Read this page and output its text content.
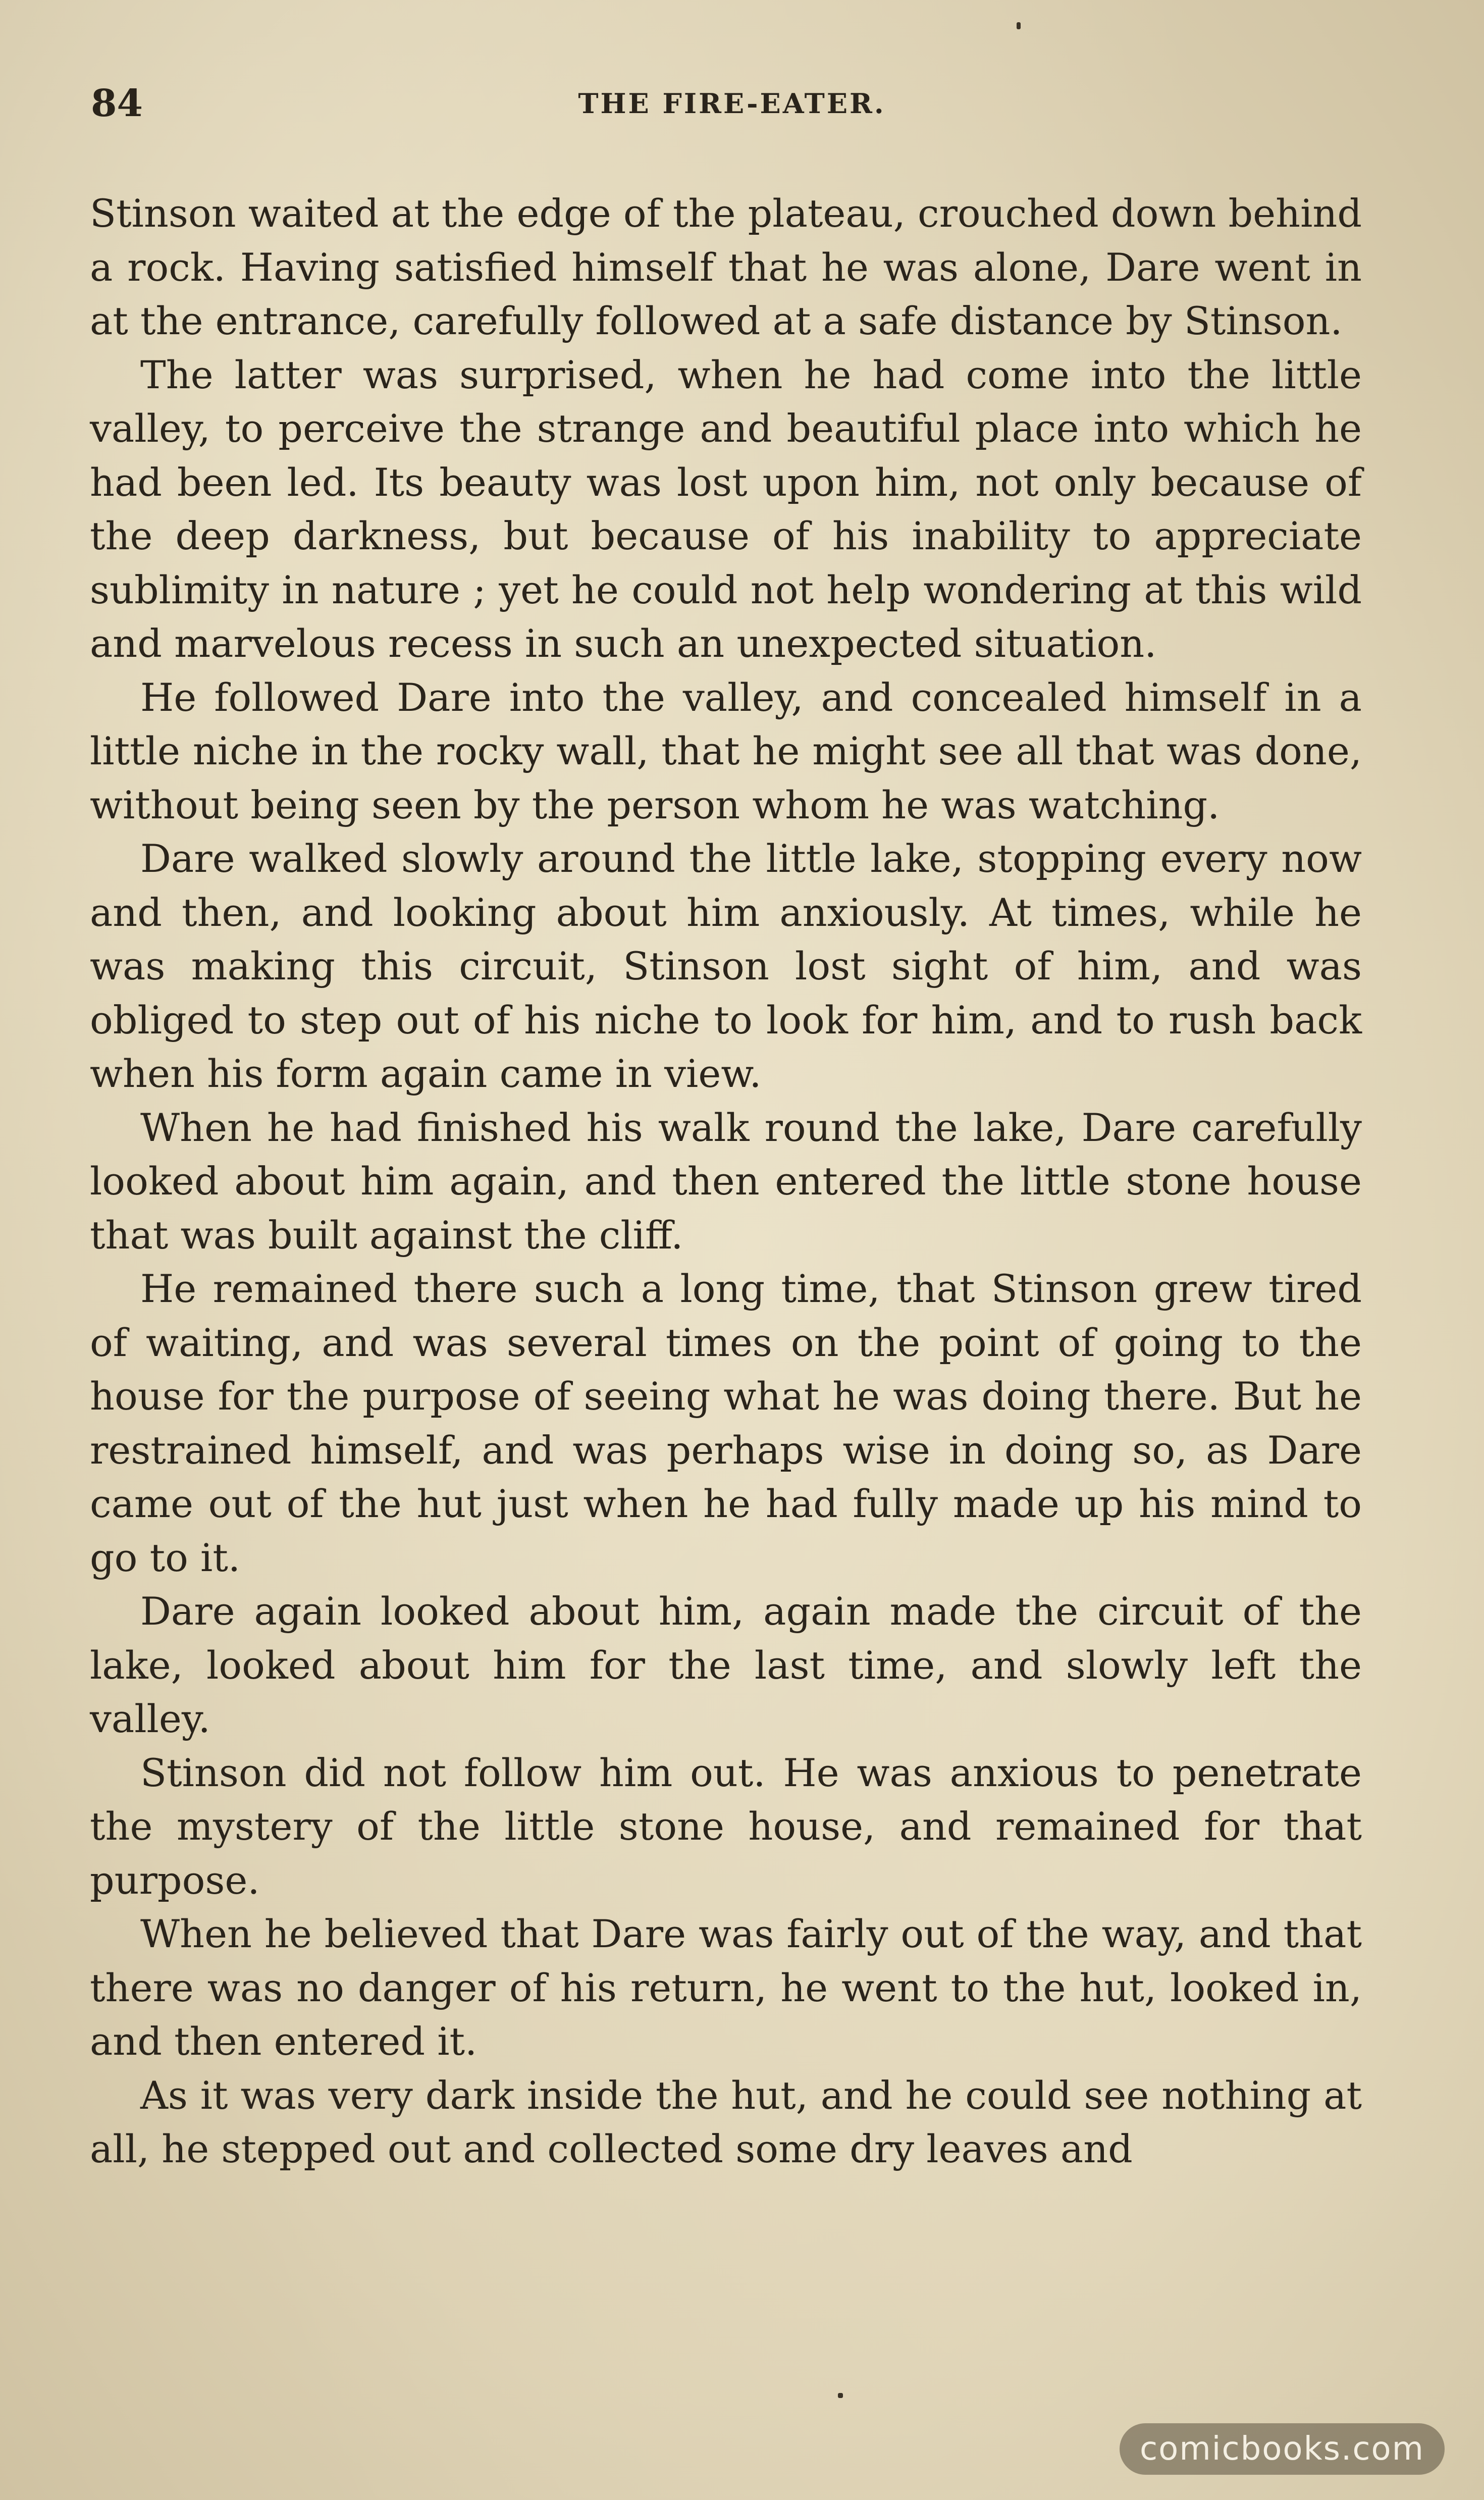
84	THE FIRE-EATER.

Stinson waited at the edge of the plateau, crouched down behind a rock. Having satisfied himself that he was alone, Dare went in at the entrance, carefully followed at a safe distance by Stinson.

The latter was surprised, when he had come into the little valley, to perceive the strange and beautiful place into which he had been led. Its beauty was lost upon him, not only because of the deep darkness, but because of his inability to appreciate sublimity in nature ; yet he could not help wondering at this wild and marvelous recess in such an unexpected situation.

He followed Dare into the valley, and concealed himself in a little niche in the rocky wall, that he might see all that was done, without being seen by the person whom he was watching.

Dare walked slowly around the little lake, stopping every now and then, and looking about him anxiously. At times, while he was making this circuit, Stinson lost sight of him, and was obliged to step out of his niche to look for him, and to rush back when his form again came in view.

When he had finished his walk round the lake, Dare carefully looked about him again, and then entered the little stone house that was built against the cliff.

He remained there such a long time, that Stinson grew tired of waiting, and was several times on the point of going to the house for the purpose of seeing what he was doing there. But he restrained himself, and was perhaps wise in doing so, as Dare came out of the hut just when he had fully made up his mind to go to it.

Dare again looked about him, again made the circuit of the lake, looked about him for the last time, and slowly left the valley.

Stinson did not follow him out. He was anxious to penetrate the mystery of the little stone house, and remained for that purpose.

When he believed that Dare was fairly out of the way, and that there was no danger of his return, he went to the hut, looked in, and then entered it.

As it was very dark inside the hut, and he could see nothing at all, he stepped out and collected some dry leaves and

comicbooks.com
